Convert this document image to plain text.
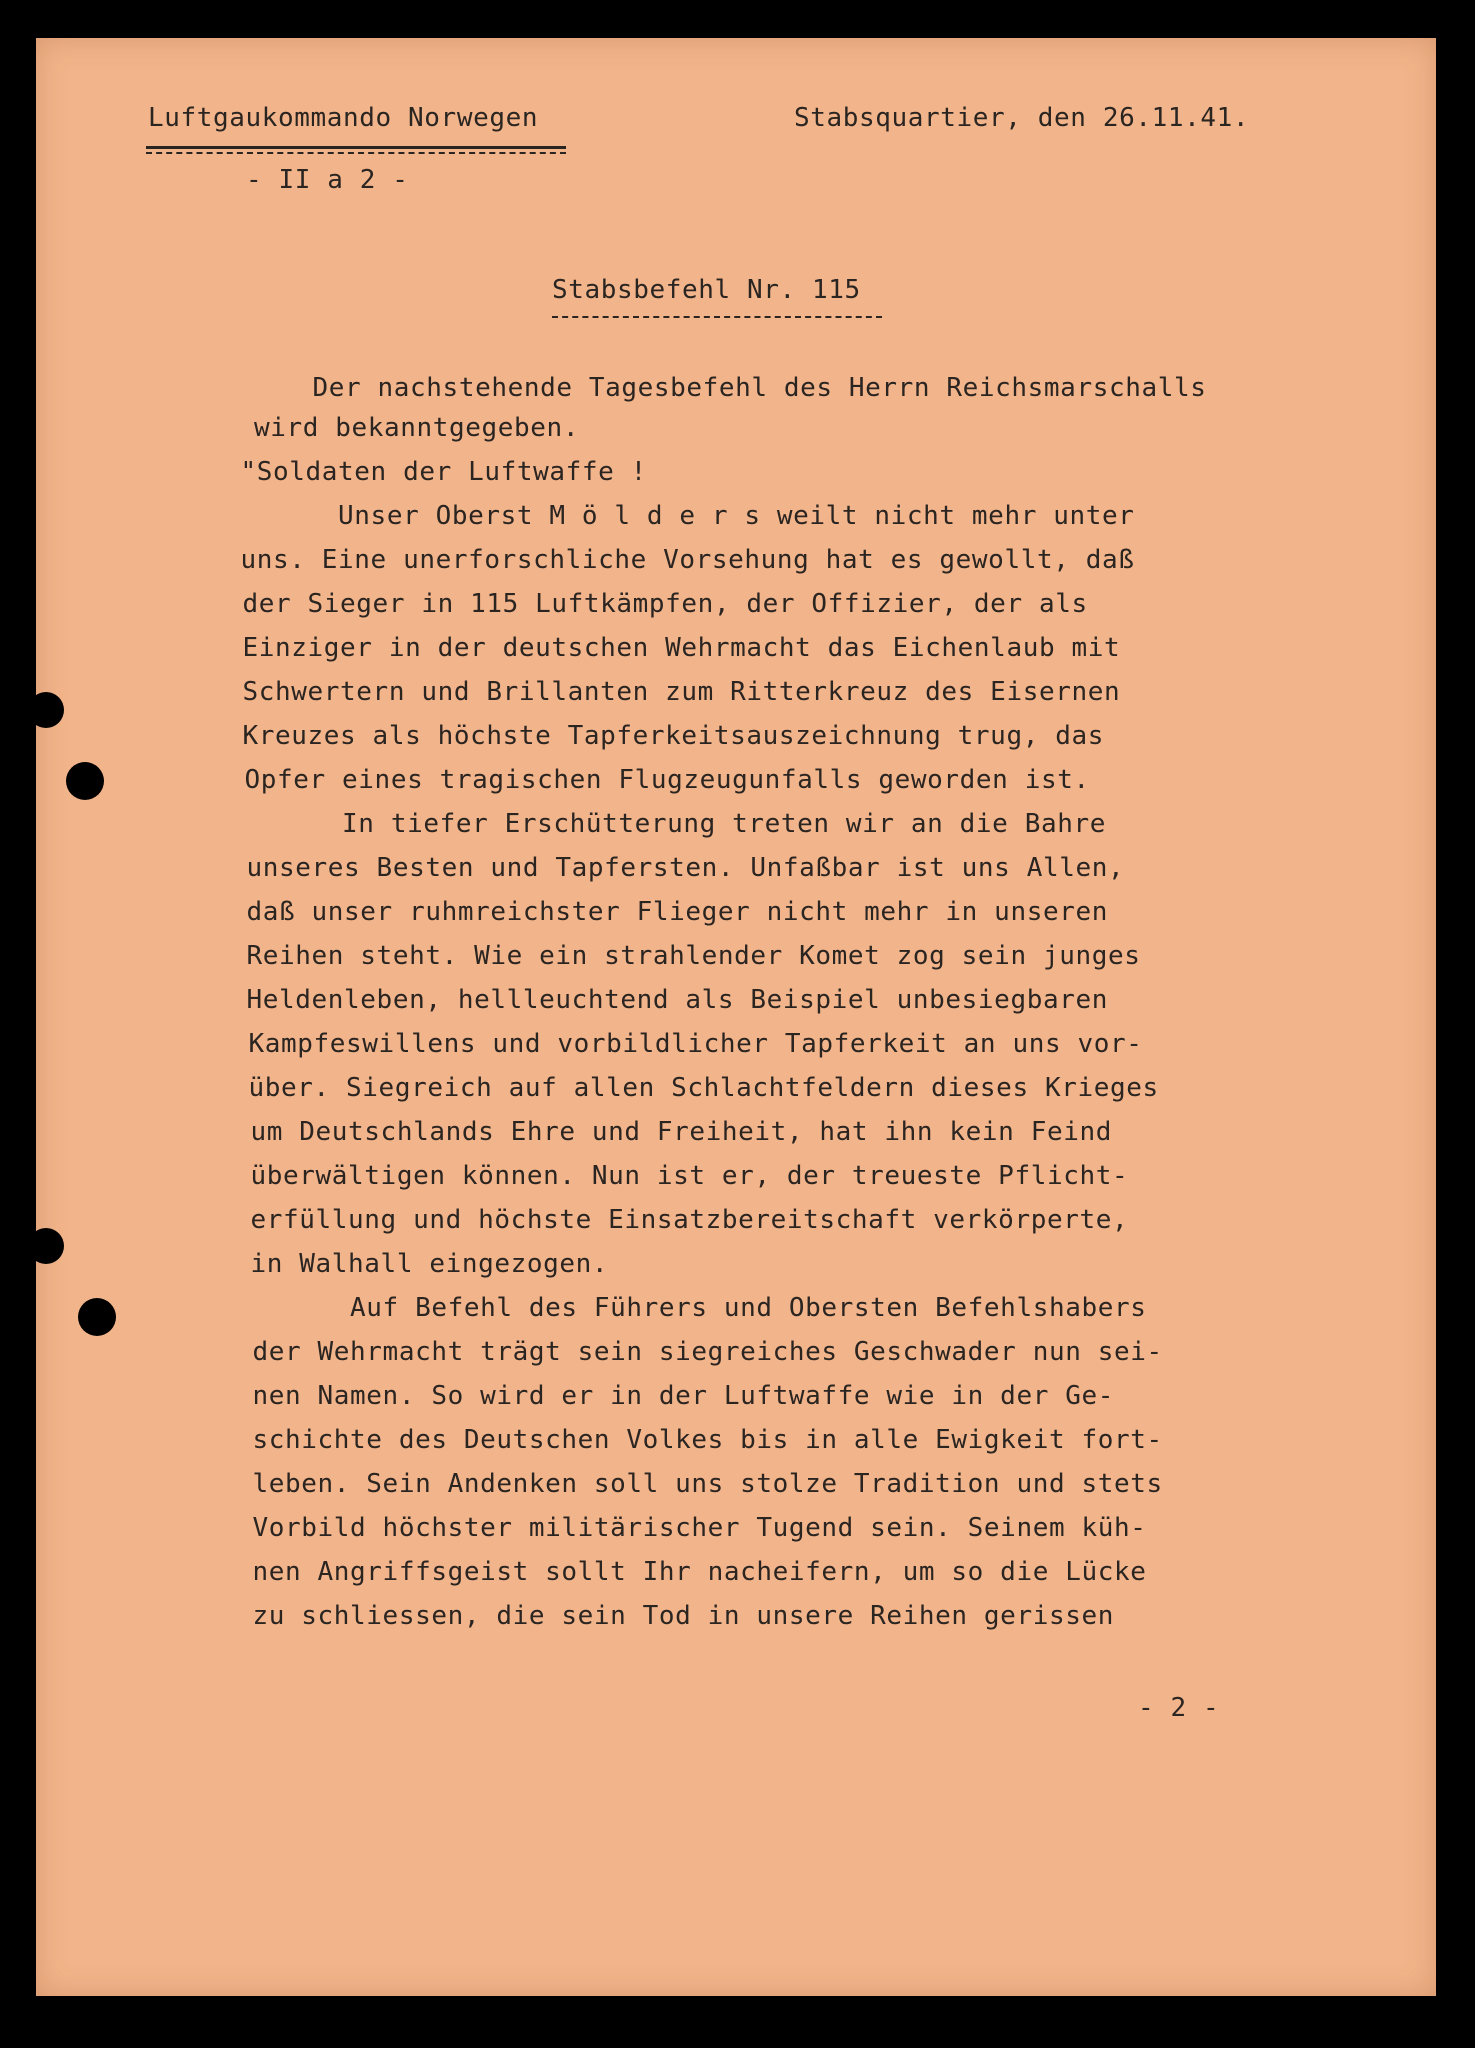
Luftgaukommando Norwegen
- II a 2 -
Stabsquartier, den 26.11.41.
Stabsbefehl Nr. 115
Der nachstehende Tagesbefehl des Herrn Reichsmarschalls
wird bekanntgegeben.
"Soldaten der Luftwaffe !
Unser Oberst M ö l d e r s weilt nicht mehr unter
uns. Eine unerforschliche Vorsehung hat es gewollt, daß
der Sieger in 115 Luftkämpfen, der Offizier, der als
Einziger in der deutschen Wehrmacht das Eichenlaub mit
Schwertern und Brillanten zum Ritterkreuz des Eisernen
Kreuzes als höchste Tapferkeitsauszeichnung trug, das
Opfer eines tragischen Flugzeugunfalls geworden ist.
In tiefer Erschütterung treten wir an die Bahre
unseres Besten und Tapfersten. Unfaßbar ist uns Allen,
daß unser ruhmreichster Flieger nicht mehr in unseren
Reihen steht. Wie ein strahlender Komet zog sein junges
Heldenleben, hellleuchtend als Beispiel unbesiegbaren
Kampfeswillens und vorbildlicher Tapferkeit an uns vor-
über. Siegreich auf allen Schlachtfeldern dieses Krieges
um Deutschlands Ehre und Freiheit, hat ihn kein Feind
überwältigen können. Nun ist er, der treueste Pflicht-
erfüllung und höchste Einsatzbereitschaft verkörperte,
in Walhall eingezogen.
Auf Befehl des Führers und Obersten Befehlshabers
der Wehrmacht trägt sein siegreiches Geschwader nun sei-
nen Namen. So wird er in der Luftwaffe wie in der Ge-
schichte des Deutschen Volkes bis in alle Ewigkeit fort-
leben. Sein Andenken soll uns stolze Tradition und stets
Vorbild höchster militärischer Tugend sein. Seinem küh-
nen Angriffsgeist sollt Ihr nacheifern, um so die Lücke
zu schliessen, die sein Tod in unsere Reihen gerissen
- 2 -
